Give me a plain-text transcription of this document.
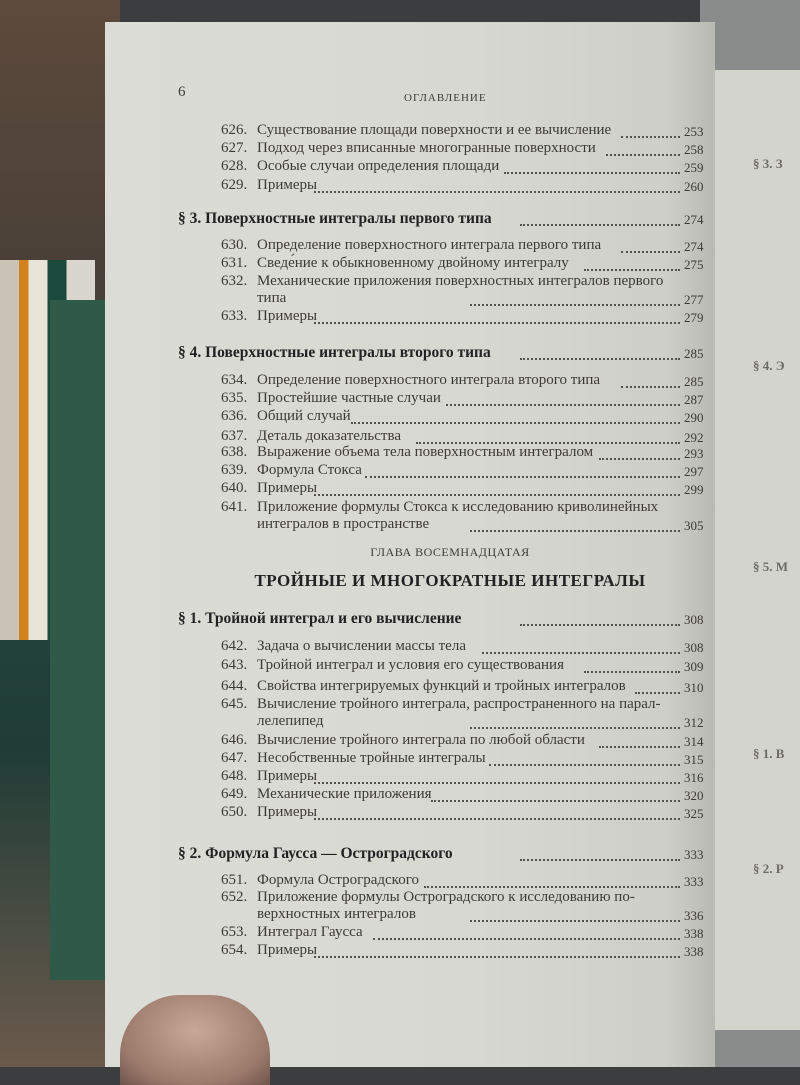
§ 3. З
§ 4. Э
§ 5. М
§ 1. В
§ 2. Р
6	ОГЛАВЛЕНИЕ
626. Существование площади поверхности и ее вычисление	253
627. Подход через вписанные многогранные поверхности	258
628. Особые случаи определения площади	259
629. Примеры	260
§ 3. Поверхностные интегралы первого типа	274
630. Определение поверхностного интеграла первого типа	274
631. Сведе́ние к обыкновенному двойному интегралу	275
632. Механические приложения поверхностных интегралов первого
типа	277
633. Примеры	279
§ 4. Поверхностные интегралы второго типа	285
634. Определение поверхностного интеграла второго типа	285
635. Простейшие частные случаи	287
636. Общий случай	290
637. Деталь доказательства	292
638. Выражение объема тела поверхностным интегралом	293
639. Формула Стокса	297
640. Примеры	299
641. Приложение формулы Стокса к исследованию криволинейных
интегралов в пространстве	305
ГЛАВА ВОСЕМНАДЦАТАЯ
ТРОЙНЫЕ И МНОГОКРАТНЫЕ ИНТЕГРАЛЫ
§ 1. Тройной интеграл и его вычисление	308
642. Задача о вычислении массы тела	308
643. Тройной интеграл и условия его существования	309
644. Свойства интегрируемых функций и тройных интегралов	310
645. Вычисление тройного интеграла, распространенного на парал-
лелепипед	312
646. Вычисление тройного интеграла по любой области	314
647. Несобственные тройные интегралы	315
648. Примеры	316
649. Механические приложения	320
650. Примеры	325
§ 2. Формула Гаусса — Остроградского	333
651. Формула Остроградского	333
652. Приложение формулы Остроградского к исследованию по-
верхностных интегралов	336
653. Интеграл Гаусса	338
654. Примеры	338
